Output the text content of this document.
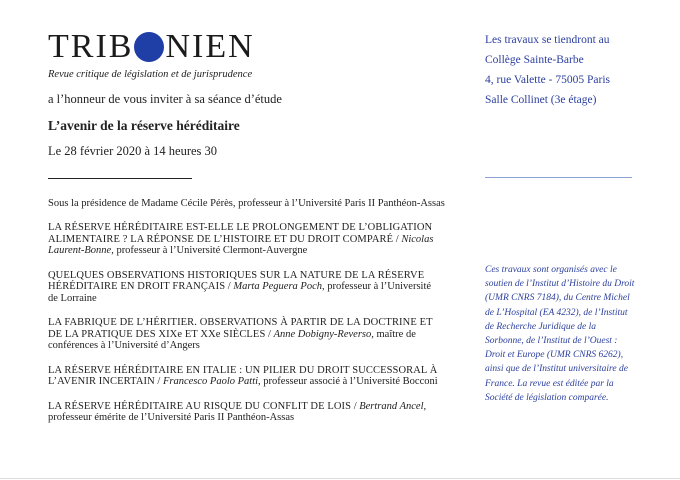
TRIB NIEN
Revue critique de législation et de jurisprudence
a l’honneur de vous inviter à sa séance d’étude
L’avenir de la réserve héréditaire
Le 28 février 2020 à 14 heures 30
Sous la présidence de Madame Cécile Pérès, professeur à l’Université Paris II Panthéon-Assas
LA RÉSERVE HÉRÉDITAIRE EST-ELLE LE PROLONGEMENT DE L’OBLIGATION ALIMENTAIRE ? LA RÉPONSE DE L’HISTOIRE ET DU DROIT COMPARÉ / Nicolas Laurent-Bonne, professeur à l’Université Clermont-Auvergne
QUELQUES OBSERVATIONS HISTORIQUES SUR LA NATURE DE LA RÉSERVE HÉRÉDITAIRE EN DROIT FRANÇAIS / Marta Peguera Poch, professeur à l’Université de Lorraine
LA FABRIQUE DE L’HÉRITIER. OBSERVATIONS À PARTIR DE LA DOCTRINE ET DE LA PRATIQUE DES XIXe ET XXe SIÈCLES / Anne Dobigny-Reverso, maître de conférences à l’Université d’Angers
LA RÉSERVE HÉRÉDITAIRE EN ITALIE : UN PILIER DU DROIT SUCCESSORAL À L’AVENIR INCERTAIN / Francesco Paolo Patti, professeur associé à l’Université Bocconi
LA RÉSERVE HÉRÉDITAIRE AU RISQUE DU CONFLIT DE LOIS / Bertrand Ancel, professeur émérite de l’Université Paris II Panthéon-Assas
Les travaux se tiendront au
Collège Sainte-Barbe
4, rue Valette - 75005 Paris
Salle Collinet (3e étage)
Ces travaux sont organisés avec le soutien de l’Institut d’Histoire du Droit (UMR CNRS 7184), du Centre Michel de L’Hospital (EA 4232), de l’Institut de Recherche Juridique de la Sorbonne, de l’Institut de l’Ouest : Droit et Europe (UMR CNRS 6262), ainsi que de l’Institut universitaire de France. La revue est éditée par la Société de législation comparée.
